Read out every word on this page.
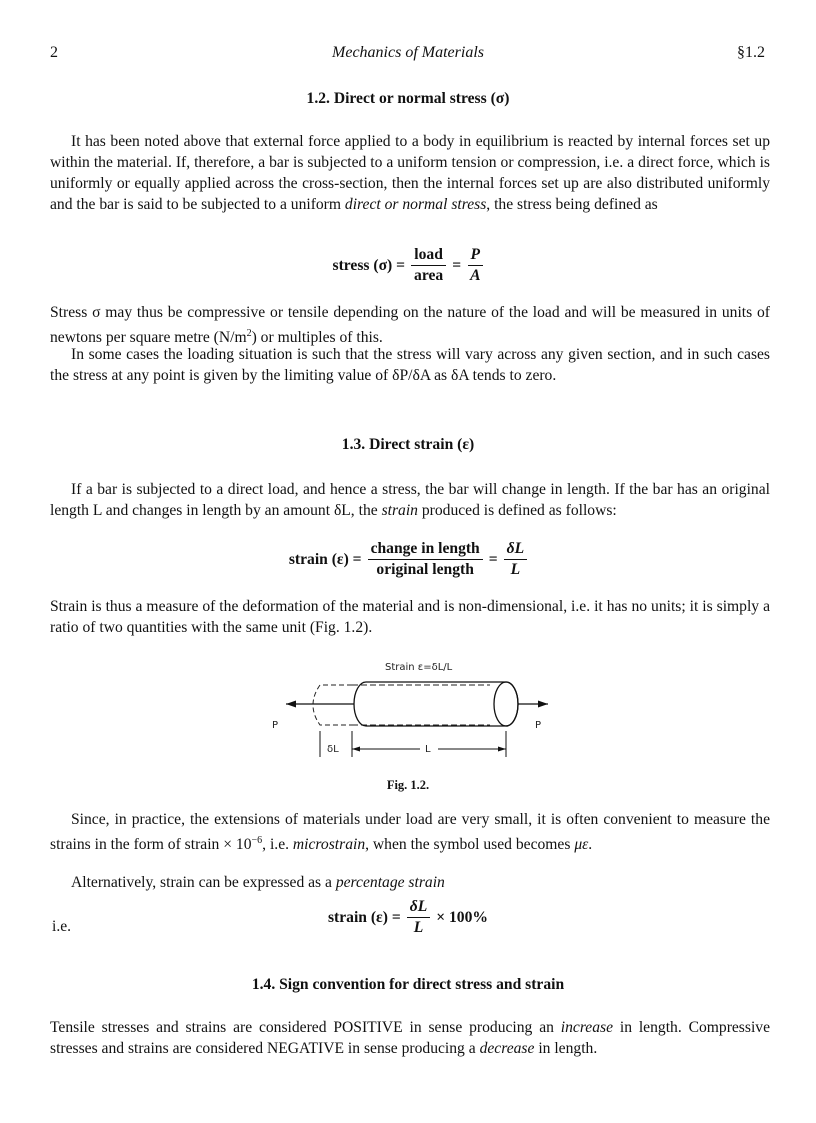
2	Mechanics of Materials	§1.2
1.2. Direct or normal stress (σ)

It has been noted above that external force applied to a body in equilibrium is reacted by internal forces set up within the material. If, therefore, a bar is subjected to a uniform tension or compression, i.e. a direct force, which is uniformly or equally applied across the cross-section, then the internal forces set up are also distributed uniformly and the bar is said to be subjected to a uniform direct or normal stress, the stress being defined as

stress $(\sigma) = \frac{\text{load}}{\text{area}} = \frac{P}{A}$

Stress σ may thus be compressive or tensile depending on the nature of the load and will be measured in units of newtons per square metre $(N/m^2)$ or multiples of this.

In some cases the loading situation is such that the stress will vary across any given section, and in such cases the stress at any point is given by the limiting value of δP/δA as δA tends to zero.

1.3. Direct strain (ε)

If a bar is subjected to a direct load, and hence a stress, the bar will change in length. If the bar has an original length L and changes in length by an amount δL, the strain produced is defined as follows:

strain $(\varepsilon) = \frac{\text{change in length}}{\text{original length}} = \frac{\delta L}{L}$

Strain is thus a measure of the deformation of the material and is non-dimensional, i.e. it has no units; it is simply a ratio of two quantities with the same unit (Fig. 1.2).

Strain ε=δL/L
P	P
δL	L
Fig. 1.2.

Since, in practice, the extensions of materials under load are very small, it is often convenient to measure the strains in the form of strain × $10^{-6}$, i.e. microstrain, when the symbol used becomes με.

Alternatively, strain can be expressed as a percentage strain

i.e.
strain $(\varepsilon) = \frac{\delta L}{L} \times 100\%$
1.4. Sign convention for direct stress and strain

Tensile stresses and strains are considered POSITIVE in sense producing an increase in length. Compressive stresses and strains are considered NEGATIVE in sense producing a decrease in length.
